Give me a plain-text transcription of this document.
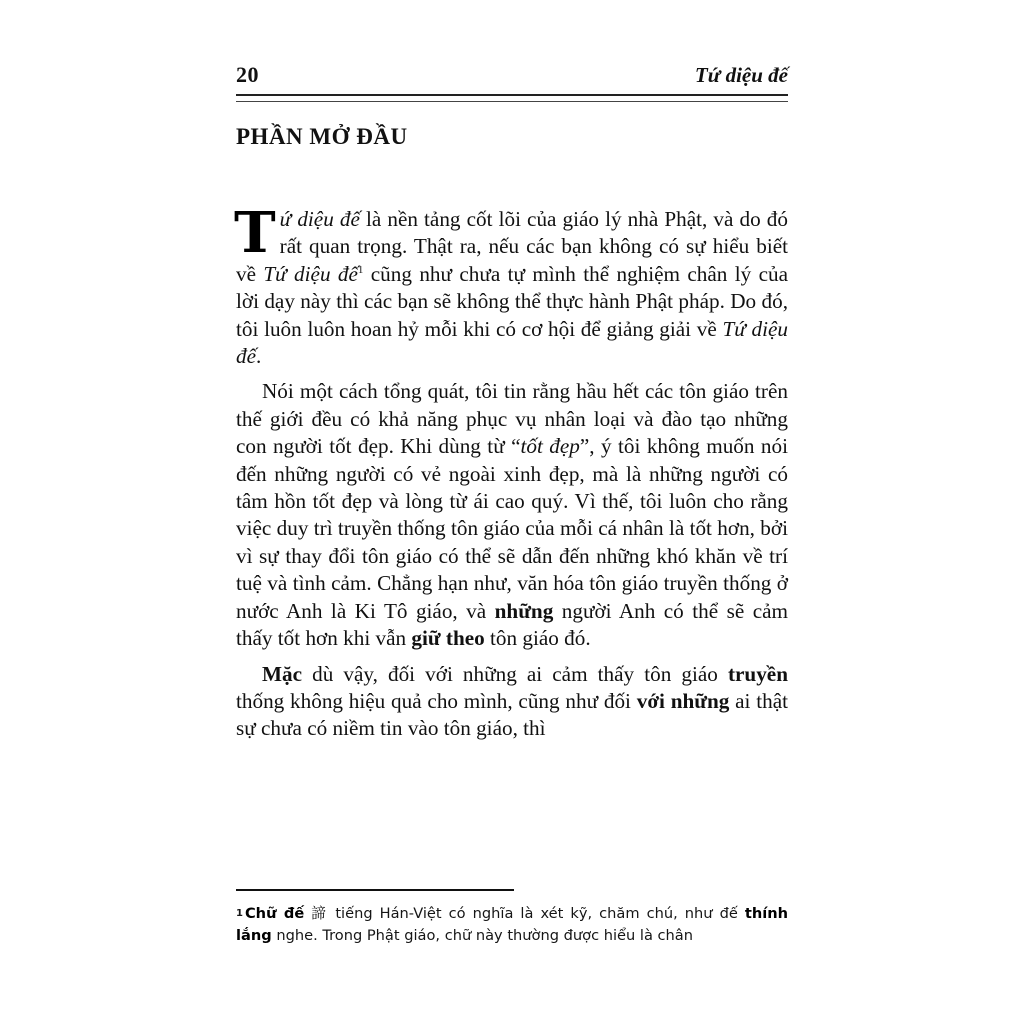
20	Tứ diệu đế
PHẦN MỞ ĐẦU

Tứ diệu đế là nền tảng cốt lõi của giáo lý nhà Phật, và do đó rất quan trọng. Thật ra, nếu các bạn không có sự hiểu biết về Tứ diệu đế$^1$ cũng như chưa tự mình thể nghiệm chân lý của lời dạy này thì các bạn sẽ không thể thực hành Phật pháp. Do đó, tôi luôn luôn hoan hỷ mỗi khi có cơ hội để giảng giải về Tứ diệu đế.

Nói một cách tổng quát, tôi tin rằng hầu hết các tôn giáo trên thế giới đều có khả năng phục vụ nhân loại và đào tạo những con người tốt đẹp. Khi dùng từ “tốt đẹp”, ý tôi không muốn nói đến những người có vẻ ngoài xinh đẹp, mà là những người có tâm hồn tốt đẹp và lòng từ ái cao quý. Vì thế, tôi luôn cho rằng việc duy trì truyền thống tôn giáo của mỗi cá nhân là tốt hơn, bởi vì sự thay đổi tôn giáo có thể sẽ dẫn đến những khó khăn về trí tuệ và tình cảm. Chẳng hạn như, văn hóa tôn giáo truyền thống ở nước Anh là Ki Tô giáo, và những người Anh có thể sẽ cảm thấy tốt hơn khi vẫn giữ theo tôn giáo đó.

Mặc dù vậy, đối với những ai cảm thấy tôn giáo truyền thống không hiệu quả cho mình, cũng như đối với những ai thật sự chưa có niềm tin vào tôn giáo, thì

$^1$ Chữ đế 諦 tiếng Hán-Việt có nghĩa là xét kỹ, chăm chú, như đế thính lắng nghe. Trong Phật giáo, chữ này thường được hiểu là chân
